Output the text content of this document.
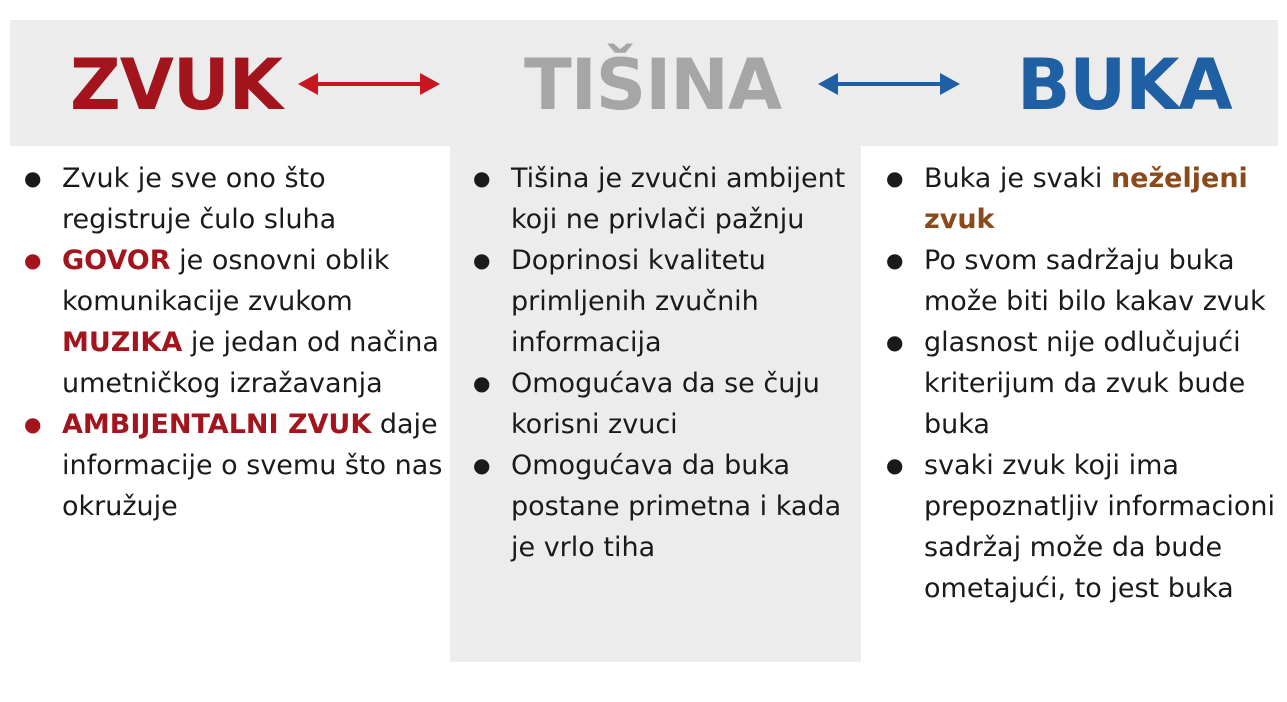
ZVUK	TIŠINA	BUKA
● Zvuk je sve ono što registruje čulo sluha
● GOVOR je osnovni oblik komunikacije zvukom
MUZIKA je jedan od načina umetničkog izražavanja
● AMBIJENTALNI ZVUK daje informacije o svemu što nas okružuje
● Tišina je zvučni ambijent koji ne privlači pažnju
● Doprinosi kvalitetu primljenih zvučnih informacija
● Omogućava da se čuju korisni zvuci
● Omogućava da buka postane primetna i kada je vrlo tiha
● Buka je svaki neželjeni zvuk
● Po svom sadržaju buka može biti bilo kakav zvuk
● glasnost nije odlučujući kriterijum da zvuk bude buka
● svaki zvuk koji ima prepoznatljiv informacioni sadržaj može da bude ometajući, to jest buka
